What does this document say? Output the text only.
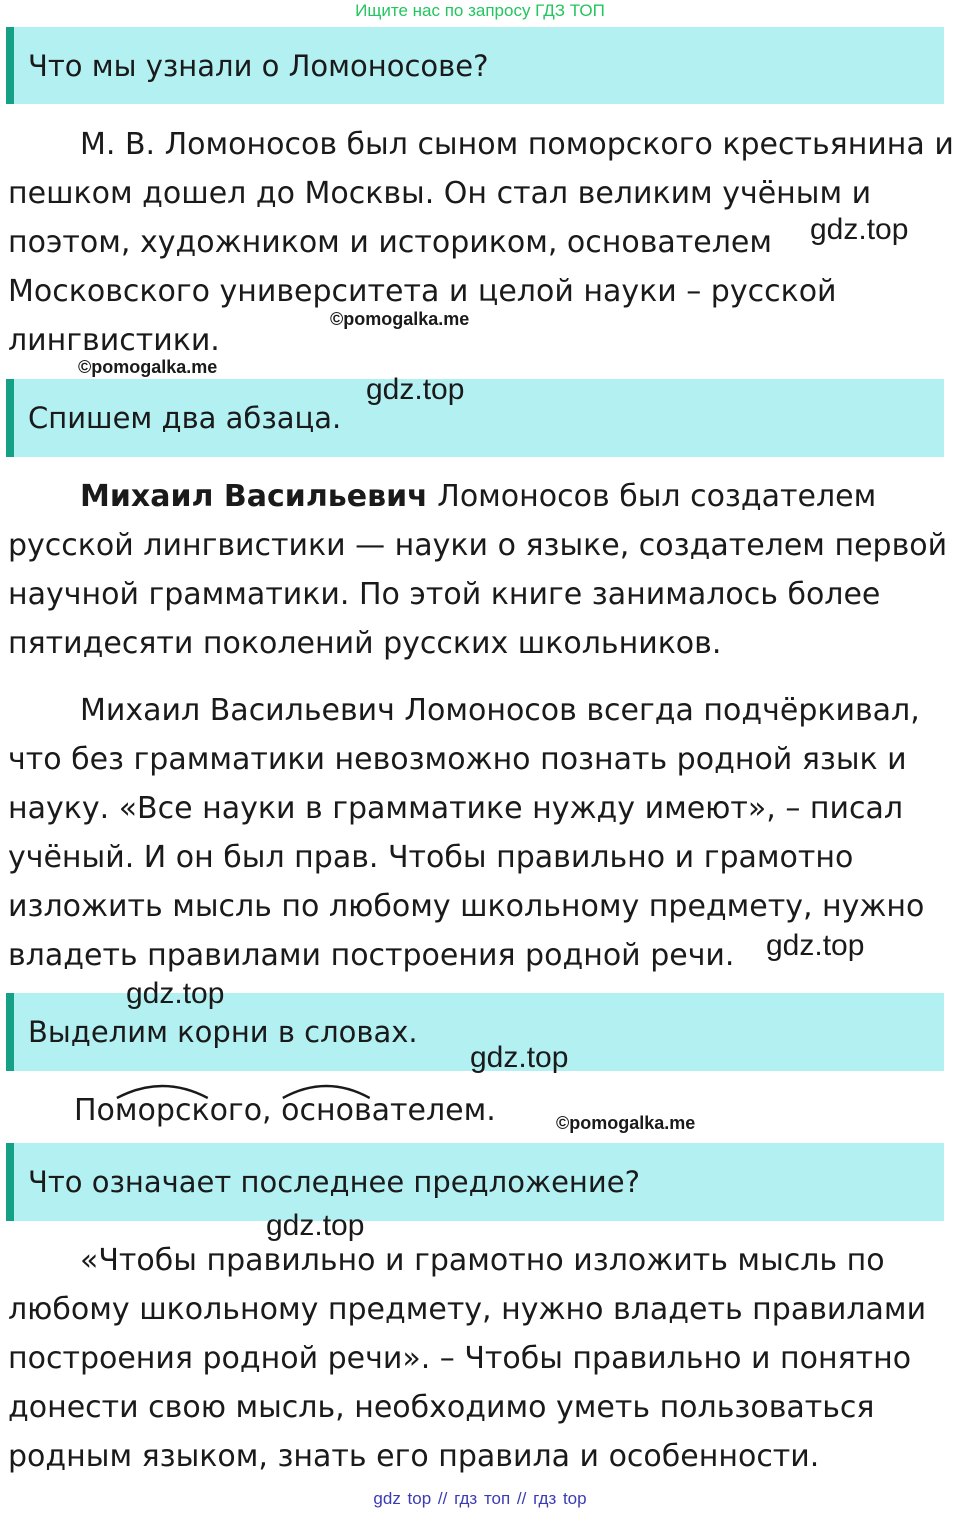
Ищите нас по запросу ГДЗ ТОП
Что мы узнали о Ломоносове?

М. В. Ломоносов был сыном поморского крестьянина и пешком дошел до Москвы. Он стал великим учёным и поэтом, художником и историком, основателем Московского университета и целой науки – русской лингвистики.

Спишем два абзаца.

Михаил Васильевич Ломоносов был создателем русской лингвистики — науки о языке, создателем первой научной грамматики. По этой книге занималось более пятидесяти поколений русских школьников.

Михаил Васильевич Ломоносов всегда подчёркивал, что без грамматики невозможно познать родной язык и науку. «Все науки в грамматике нужду имеют», – писал учёный. И он был прав. Чтобы правильно и грамотно изложить мысль по любому школьному предмету, нужно владеть правилами построения родной речи.

Выделим корни в словах.
По
морского,
основателем.
Что означает последнее предложение?

«Чтобы правильно и грамотно изложить мысль по любому школьному предмету, нужно владеть правилами построения родной речи». – Чтобы правильно и понятно донести свою мысль, необходимо уметь пользоваться родным языком, знать его правила и особенности.

gdz.top
©pomogalka.me
©pomogalka.me
gdz.top
gdz.top
gdz.top
gdz.top
©pomogalka.me
gdz.top
gdz top // гдз топ // гдз top
